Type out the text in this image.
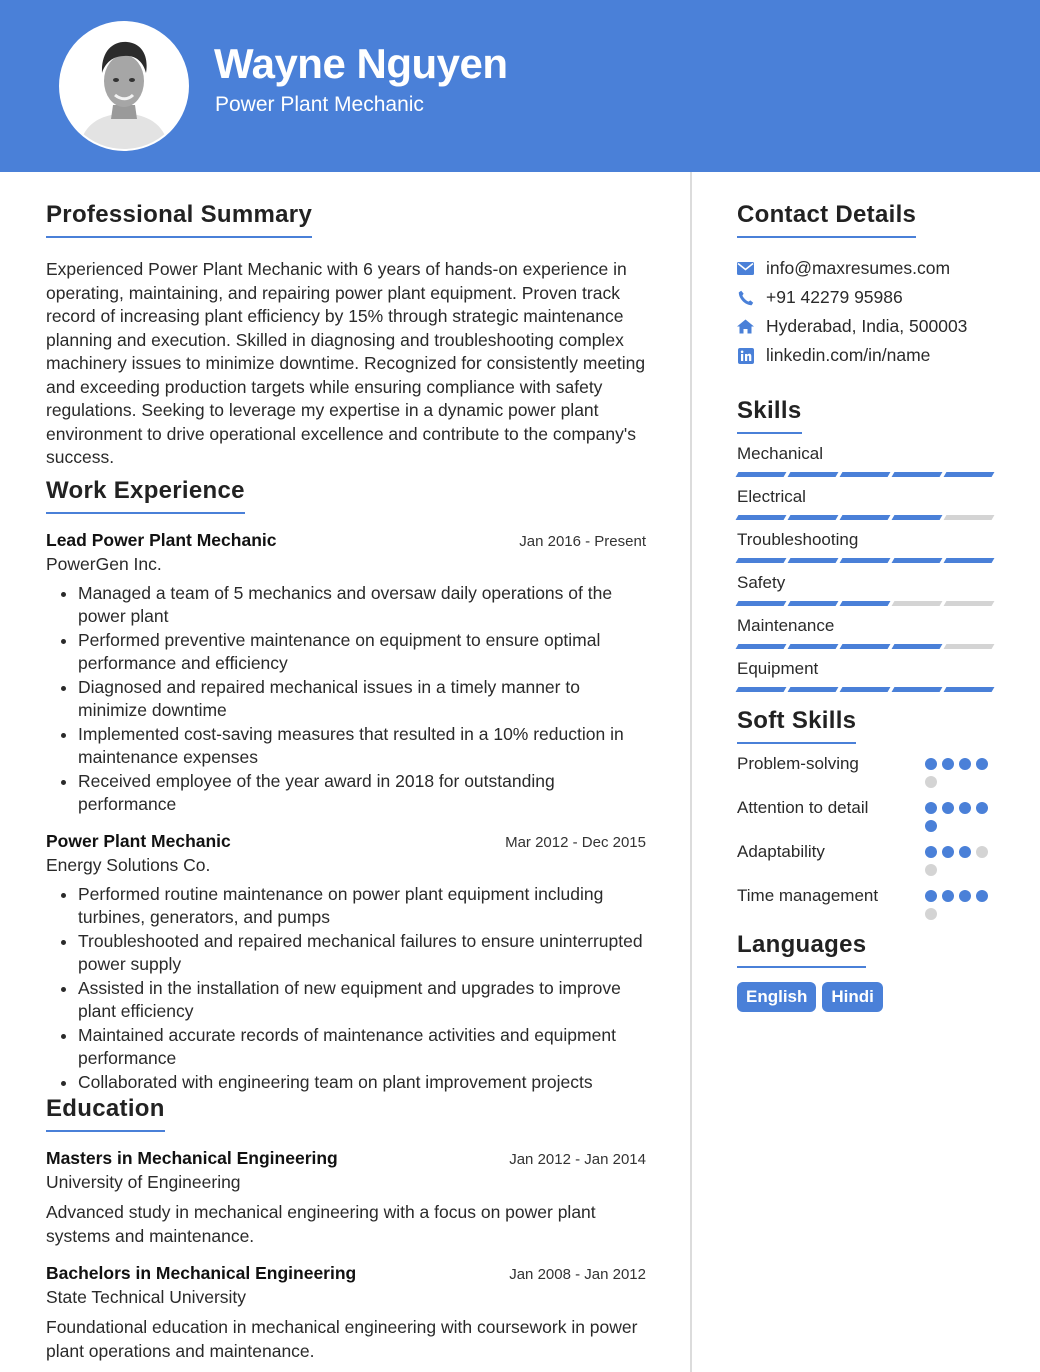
Wayne Nguyen
Power Plant Mechanic
Professional Summary

Experienced Power Plant Mechanic with 6 years of hands-on experience in operating, maintaining, and repairing power plant equipment. Proven track record of increasing plant efficiency by 15% through strategic maintenance planning and execution. Skilled in diagnosing and troubleshooting complex machinery issues to minimize downtime. Recognized for consistently meeting and exceeding production targets while ensuring compliance with safety regulations. Seeking to leverage my expertise in a dynamic power plant environment to drive operational excellence and contribute to the company's success.

Work Experience
Lead Power Plant Mechanic	Jan 2016 - Present
PowerGen Inc.
• Managed a team of 5 mechanics and oversaw daily operations of the power plant
• Performed preventive maintenance on equipment to ensure optimal performance and efficiency
• Diagnosed and repaired mechanical issues in a timely manner to minimize downtime
• Implemented cost-saving measures that resulted in a 10% reduction in maintenance expenses
• Received employee of the year award in 2018 for outstanding performance
Power Plant Mechanic	Mar 2012 - Dec 2015
Energy Solutions Co.
• Performed routine maintenance on power plant equipment including turbines, generators, and pumps
• Troubleshooted and repaired mechanical failures to ensure uninterrupted power supply
• Assisted in the installation of new equipment and upgrades to improve plant efficiency
• Maintained accurate records of maintenance activities and equipment performance
• Collaborated with engineering team on plant improvement projects
Education
Masters in Mechanical Engineering	Jan 2012 - Jan 2014
University of Engineering
Advanced study in mechanical engineering with a focus on power plant systems and maintenance.
Bachelors in Mechanical Engineering	Jan 2008 - Jan 2012
State Technical University
Foundational education in mechanical engineering with coursework in power plant operations and maintenance.
Contact Details
info@maxresumes.com
+91 42279 95986
Hyderabad, India, 500003
linkedin.com/in/name
Skills
Mechanical
Electrical
Troubleshooting
Safety
Maintenance
Equipment
Soft Skills
Problem-solving
Attention to detail
Adaptability
Time management
Languages
English	Hindi
